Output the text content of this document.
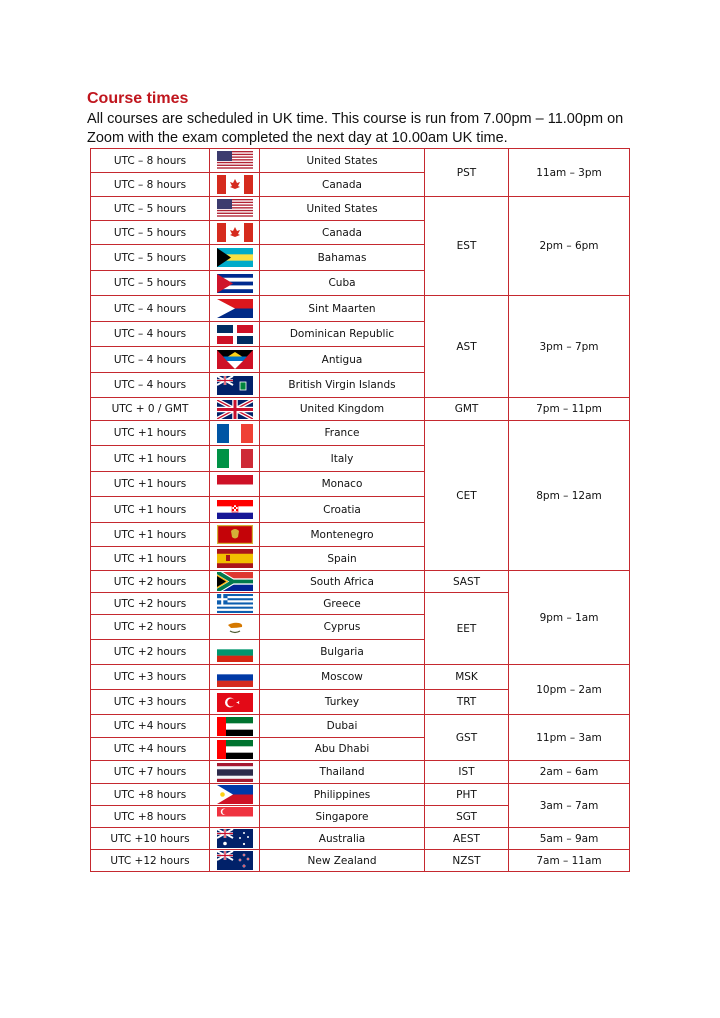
Course times
All courses are scheduled in UK time. This course is run from 7.00pm – 11.00pm on Zoom with the exam completed the next day at 10.00am UK time.
UTC – 8 hours		United States	PST	11am – 3pm
UTC – 8 hours		Canada		
UTC – 5 hours		United States	EST	2pm – 6pm
UTC – 5 hours		Canada		
UTC – 5 hours		Bahamas		
UTC – 5 hours		Cuba		
UTC – 4 hours		Sint Maarten	AST	3pm – 7pm
UTC – 4 hours		Dominican Republic		
UTC – 4 hours		Antigua		
UTC – 4 hours		British Virgin Islands		
UTC + 0 / GMT		United Kingdom	GMT	7pm – 11pm
UTC +1 hours		France	CET	8pm – 12am
UTC +1 hours		Italy		
UTC +1 hours		Monaco		
UTC +1 hours		Croatia		
UTC +1 hours		Montenegro		
UTC +1 hours		Spain		
UTC +2 hours		South Africa	SAST	9pm – 1am
UTC +2 hours		Greece	EET	
UTC +2 hours		Cyprus		
UTC +2 hours		Bulgaria		
UTC +3 hours		Moscow	MSK	10pm – 2am
UTC +3 hours		Turkey	TRT	
UTC +4 hours		Dubai	GST	11pm – 3am
UTC +4 hours		Abu Dhabi		
UTC +7 hours		Thailand	IST	2am – 6am
UTC +8 hours		Philippines	PHT	3am – 7am
UTC +8 hours		Singapore	SGT	
UTC +10 hours		Australia	AEST	5am – 9am
UTC +12 hours		New Zealand	NZST	7am – 11am
